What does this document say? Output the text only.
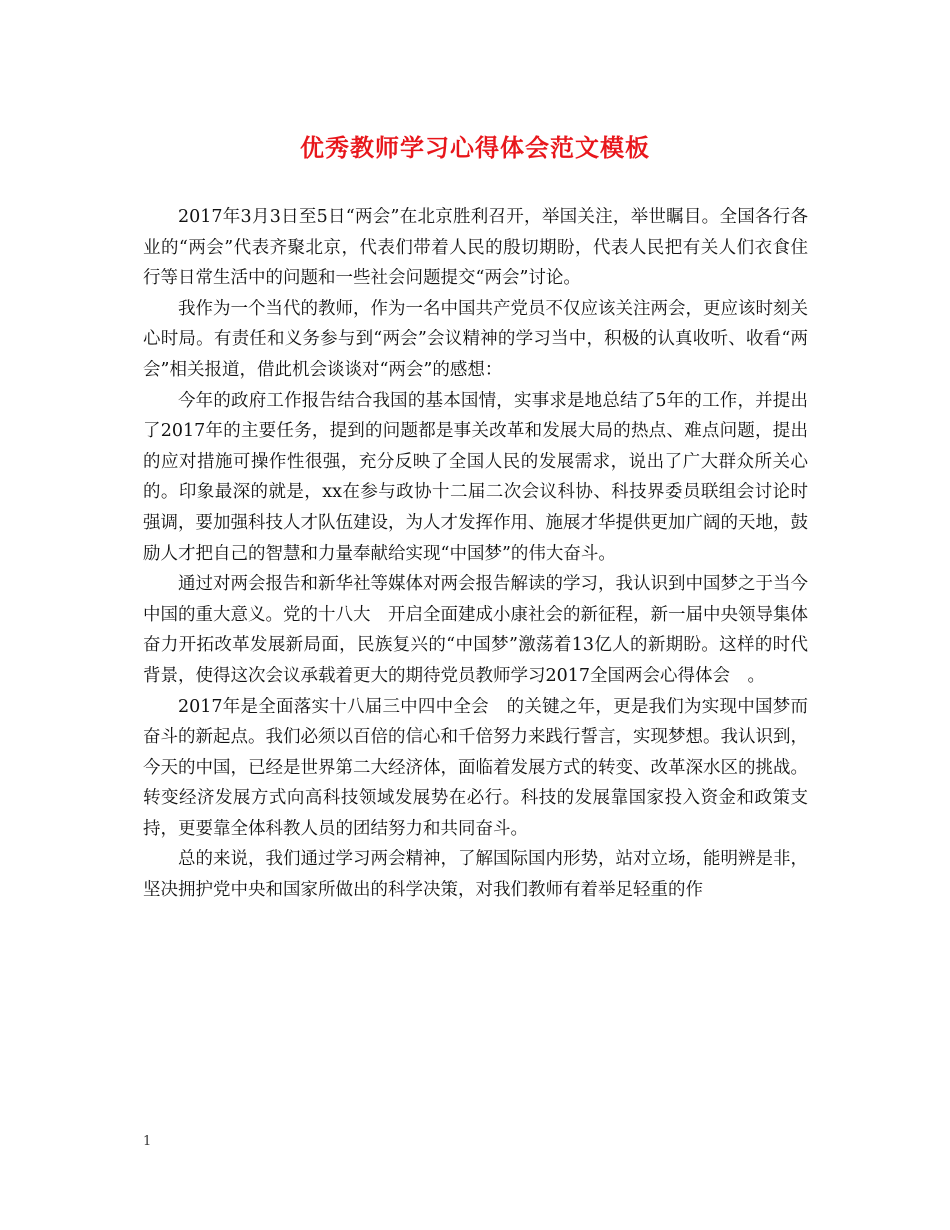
优秀教师学习心得体会范文模板

2017年3月3日至5日“两会”在北京胜利召开，举国关注，举世瞩目。全国各行各业的“两会”代表齐聚北京，代表们带着人民的殷切期盼，代表人民把有关人们衣食住行等日常生活中的问题和一些社会问题提交“两会”讨论。

我作为一个当代的教师，作为一名中国共产党员不仅应该关注两会，更应该时刻关心时局。有责任和义务参与到“两会”会议精神的学习当中，积极的认真收听、收看“两会”相关报道，借此机会谈谈对“两会”的感想：

今年的政府工作报告结合我国的基本国情，实事求是地总结了5年的工作，并提出了2017年的主要任务，提到的问题都是事关改革和发展大局的热点、难点问题，提出的应对措施可操作性很强，充分反映了全国人民的发展需求，说出了广大群众所关心的。印象最深的就是，xx在参与政协十二届二次会议科协、科技界委员联组会讨论时强调，要加强科技人才队伍建设，为人才发挥作用、施展才华提供更加广阔的天地，鼓励人才把自己的智慧和力量奉献给实现“中国梦”的伟大奋斗。

通过对两会报告和新华社等媒体对两会报告解读的学习，我认识到中国梦之于当今中国的重大意义。党的十八大　开启全面建成小康社会的新征程，新一届中央领导集体奋力开拓改革发展新局面，民族复兴的“中国梦”激荡着13亿人的新期盼。这样的时代背景，使得这次会议承载着更大的期待党员教师学习2017全国两会心得体会　。

2017年是全面落实十八届三中四中全会　的关键之年，更是我们为实现中国梦而奋斗的新起点。我们必须以百倍的信心和千倍努力来践行誓言，实现梦想。我认识到，今天的中国，已经是世界第二大经济体，面临着发展方式的转变、改革深水区的挑战。转变经济发展方式向高科技领域发展势在必行。科技的发展靠国家投入资金和政策支持，更要靠全体科教人员的团结努力和共同奋斗。

总的来说，我们通过学习两会精神，了解国际国内形势，站对立场，能明辨是非，坚决拥护党中央和国家所做出的科学决策，对我们教师有着举足轻重的作

1
